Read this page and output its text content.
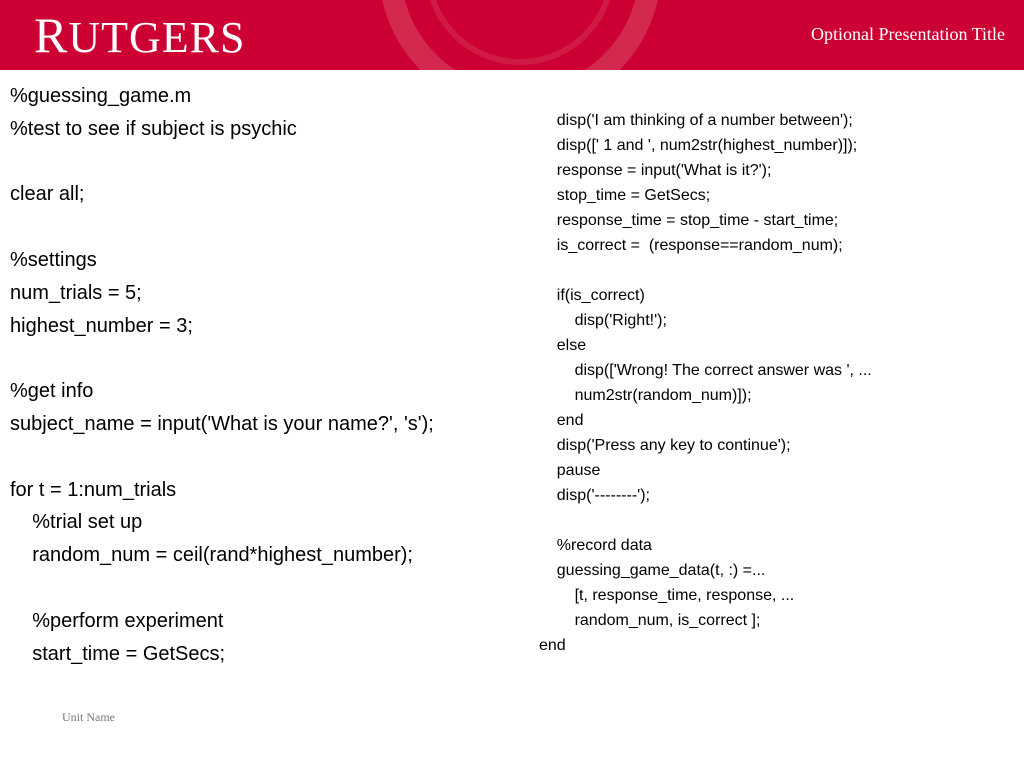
RUTGERS	Optional Presentation Title
%guessing_game.m
%test to see if subject is psychic
clear all;
%settings
num_trials = 5;
highest_number = 3;
%get info
subject_name = input('What is your name?', 's');
for t = 1:num_trials
%trial set up
random_num = ceil(rand*highest_number);
%perform experiment
start_time = GetSecs;
disp('I am thinking of a number between');
disp([' 1 and ', num2str(highest_number)]);
response = input('What is it?');
stop_time = GetSecs;
response_time = stop_time - start_time;
is_correct =  (response==random_num);
if(is_correct)
disp('Right!');
else
disp(['Wrong! The correct answer was ', ...
num2str(random_num)]);
end
disp('Press any key to continue');
pause
disp('--------');
%record data
guessing_game_data(t, :) =...
[t, response_time, response, ...
random_num, is_correct ];
end
Unit Name
